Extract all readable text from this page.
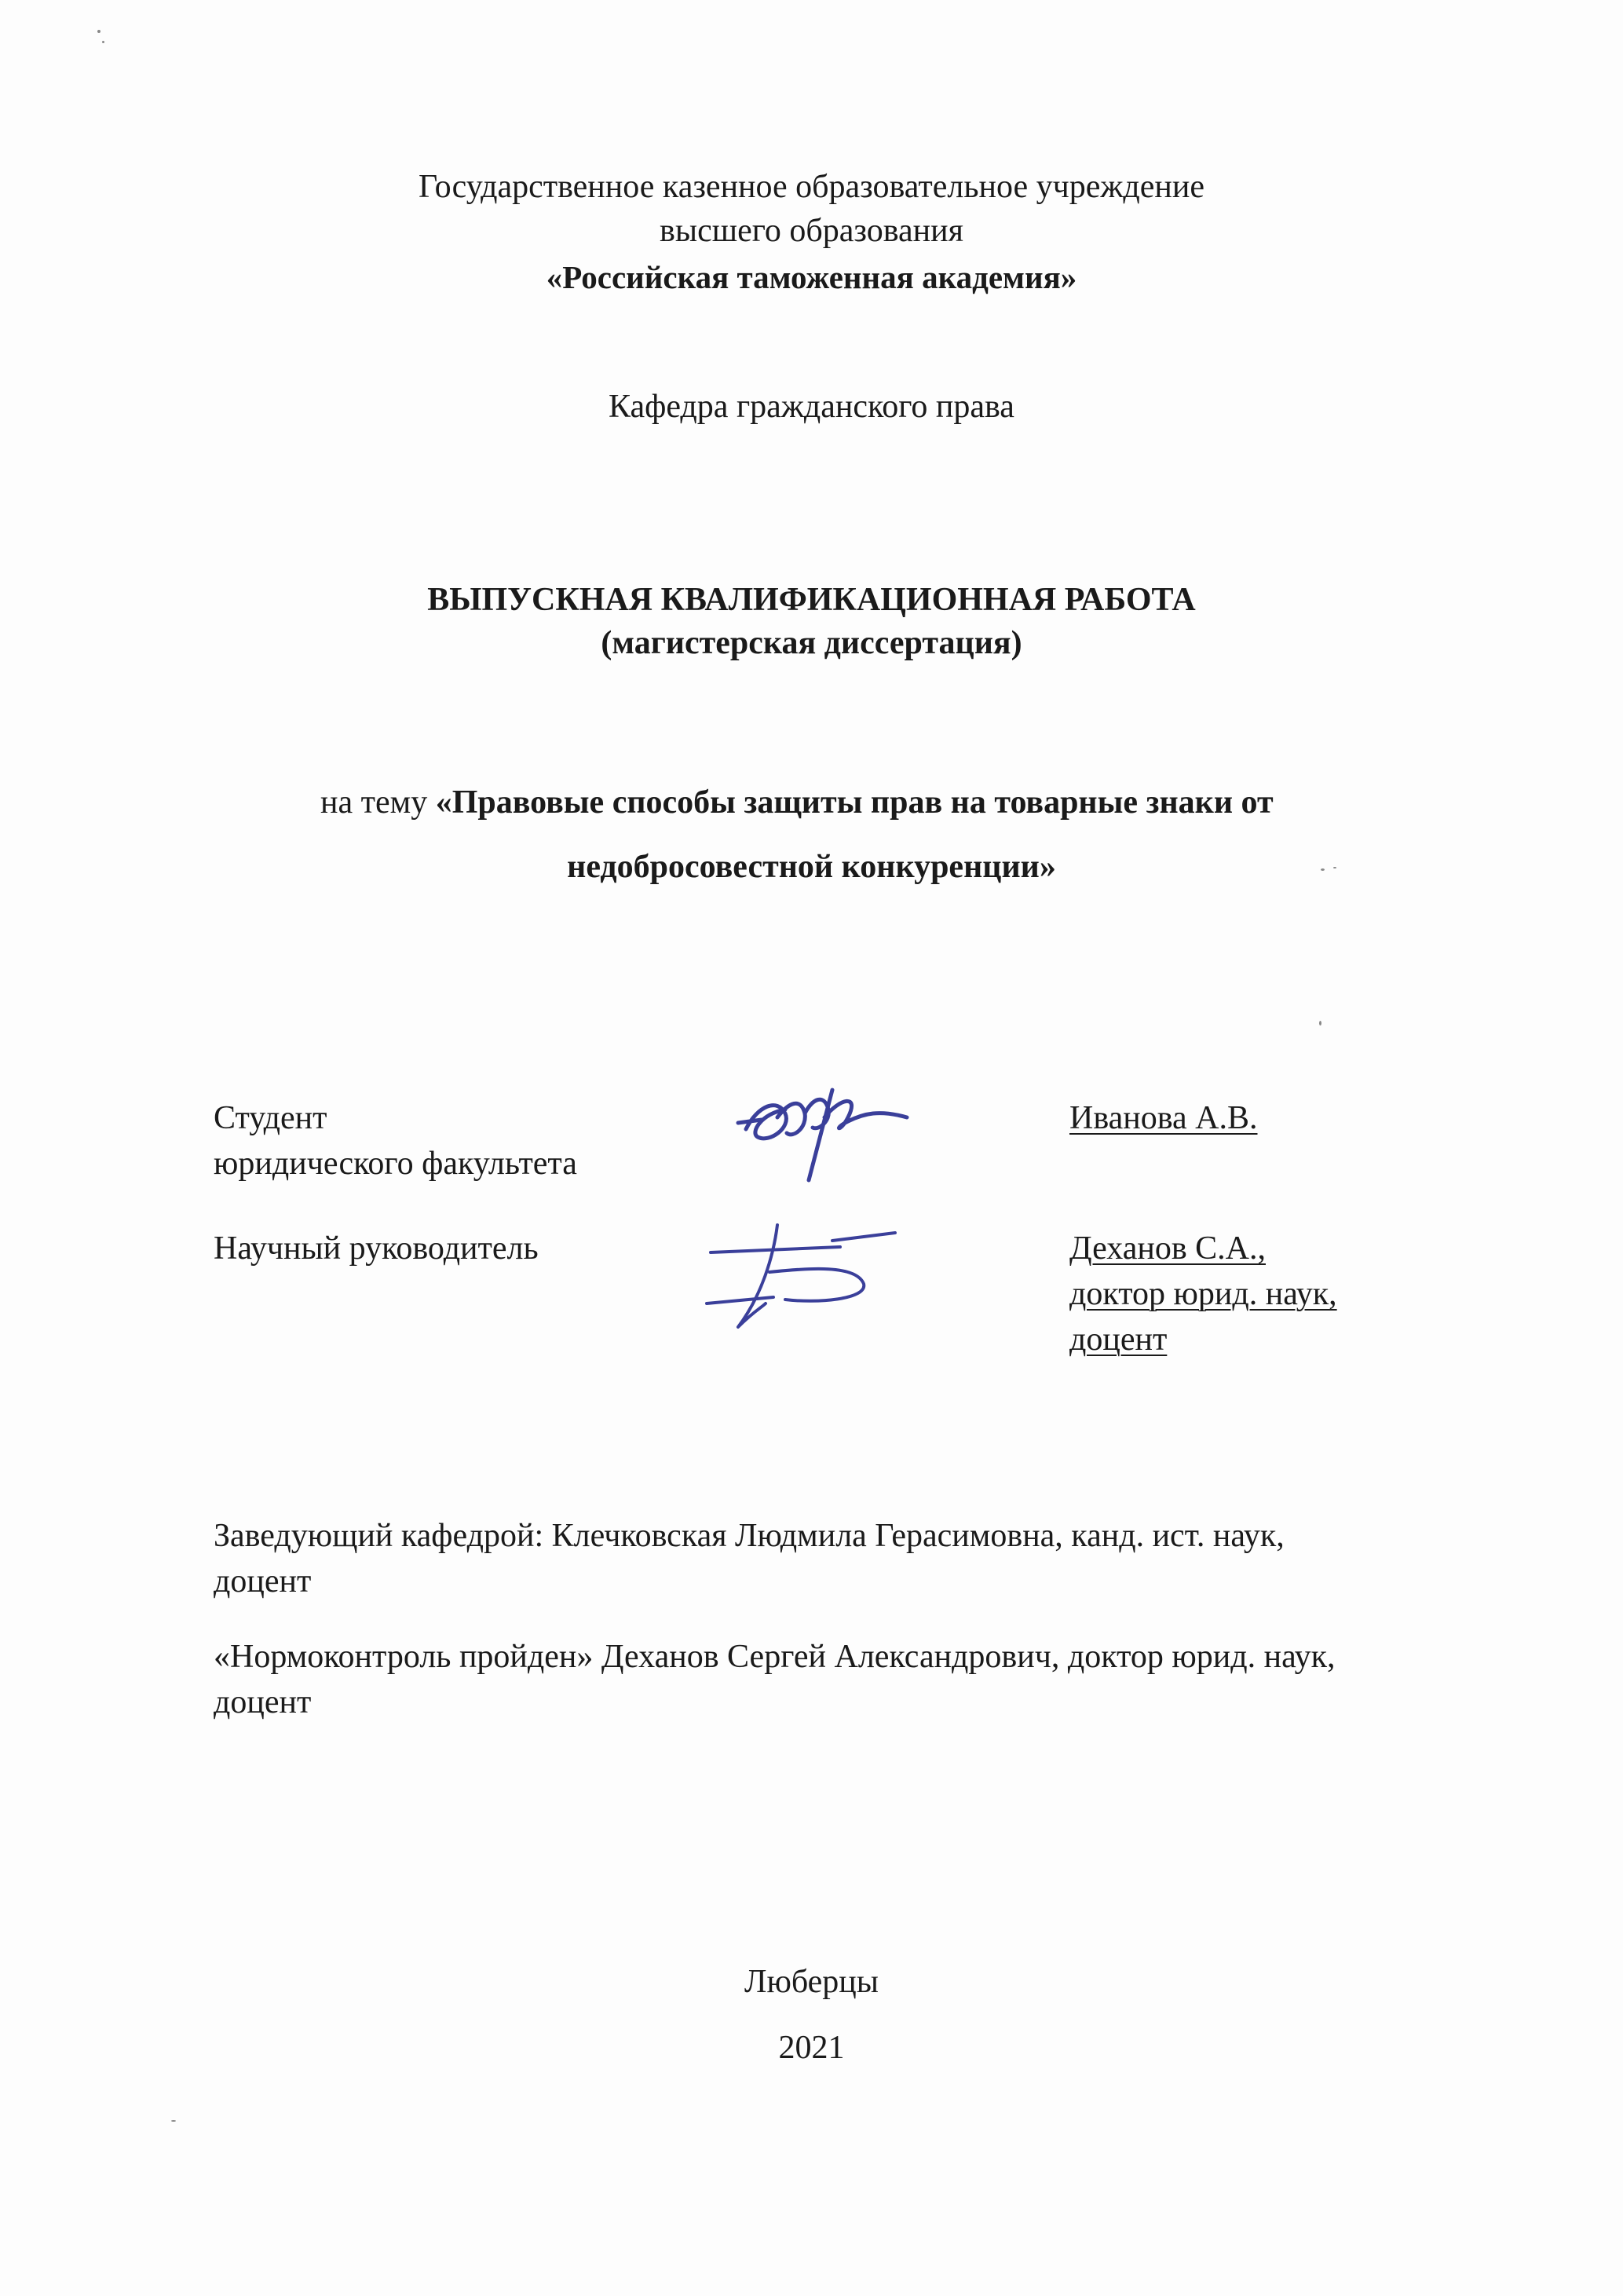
Государственное казенное образовательное учреждение
высшего образования
«Российская таможенная академия»
Кафедра гражданского права
ВЫПУСКНАЯ КВАЛИФИКАЦИОННАЯ РАБОТА
(магистерская диссертация)
на тему «Правовые способы защиты прав на товарные знаки от
недобросовестной конкуренции»
Студент
юридического факультета
Иванова А.В.
Научный руководитель	Деханов С.А.,
доктор юрид. наук,
доцент
Заведующий кафедрой: Клечковская Людмила Герасимовна, канд. ист. наук,
доцент
«Нормоконтроль пройден» Деханов Сергей Александрович, доктор юрид. наук,
доцент
Люберцы
2021
